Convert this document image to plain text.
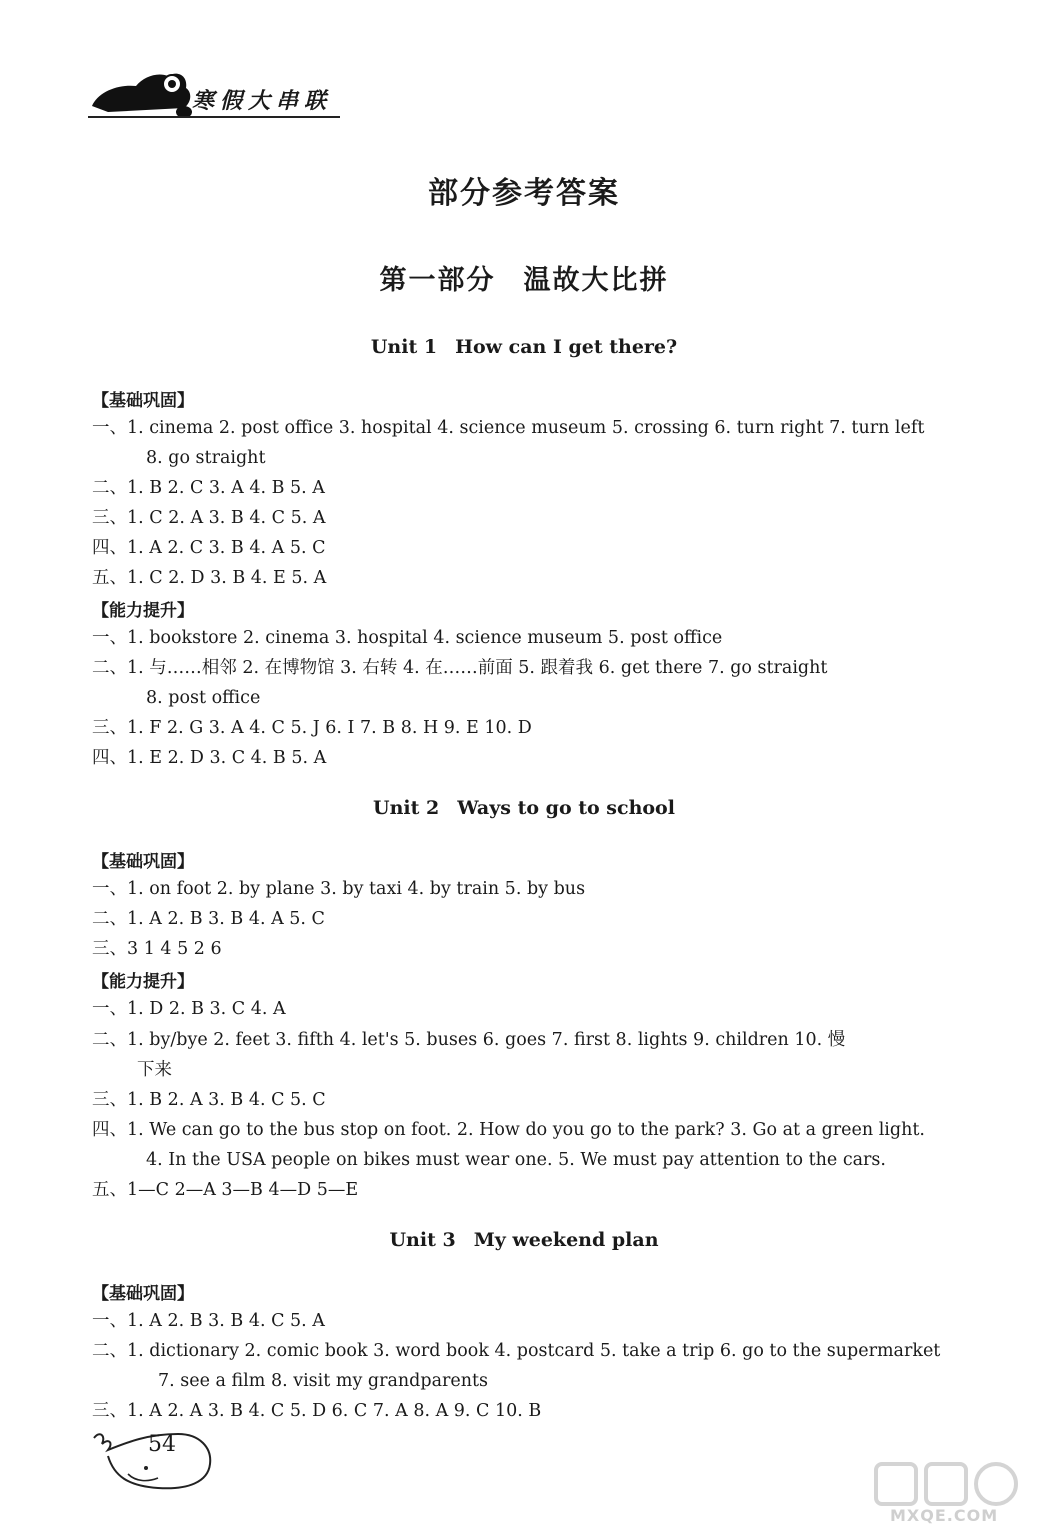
寒假大串联
部分参考答案
第一部分 温故大比拼
Unit 1 How can I get there?
【基础巩固】
一、1. cinema 2. post office 3. hospital 4. science museum 5. crossing 6. turn right 7. turn left
8. go straight
二、1. B 2. C 3. A 4. B 5. A
三、1. C 2. A 3. B 4. C 5. A
四、1. A 2. C 3. B 4. A 5. C
五、1. C 2. D 3. B 4. E 5. A
【能力提升】
一、1. bookstore 2. cinema 3. hospital 4. science museum 5. post office
二、1. 与……相邻 2. 在博物馆 3. 右转 4. 在……前面 5. 跟着我 6. get there 7. go straight
8. post office
三、1. F 2. G 3. A 4. C 5. J 6. I 7. B 8. H 9. E 10. D
四、1. E 2. D 3. C 4. B 5. A
Unit 2 Ways to go to school
【基础巩固】
一、1. on foot 2. by plane 3. by taxi 4. by train 5. by bus
二、1. A 2. B 3. B 4. A 5. C
三、3 1 4 5 2 6
【能力提升】
一、1. D 2. B 3. C 4. A
二、1. by/bye 2. feet 3. fifth 4. let's 5. buses 6. goes 7. first 8. lights 9. children 10. 慢
下来
三、1. B 2. A 3. B 4. C 5. C
四、1. We can go to the bus stop on foot. 2. How do you go to the park? 3. Go at a green light.
4. In the USA people on bikes must wear one. 5. We must pay attention to the cars.
五、1—C 2—A 3—B 4—D 5—E
Unit 3 My weekend plan
【基础巩固】
一、1. A 2. B 3. B 4. C 5. A
二、1. dictionary 2. comic book 3. word book 4. postcard 5. take a trip 6. go to the supermarket
7. see a film 8. visit my grandparents
三、1. A 2. A 3. B 4. C 5. D 6. C 7. A 8. A 9. C 10. B
54
MXQE.COM
